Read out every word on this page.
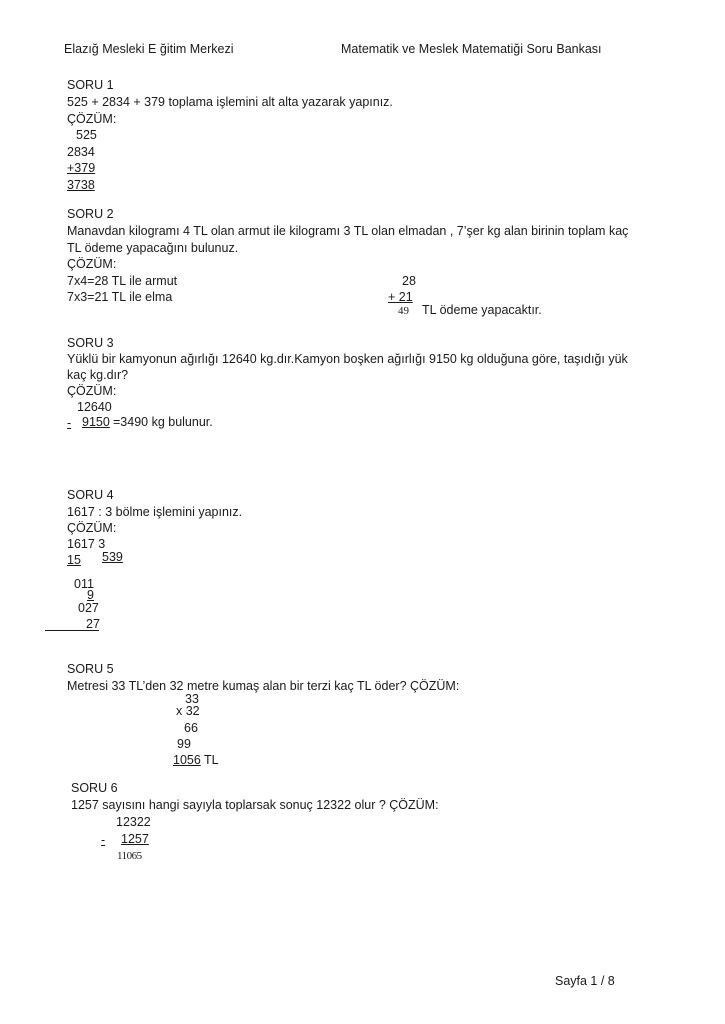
Elazığ Mesleki E ğitim Merkezi	Matematik ve Meslek Matematiği Soru Bankası
SORU 1
525 + 2834 + 379 toplama işlemini alt alta yazarak yapınız.
ÇÖZÜM:
525
2834
+379
3738
SORU 2
Manavdan kilogramı 4 TL olan armut ile kilogramı 3 TL olan elmadan , 7’şer kg alan birinin toplam kaç
TL ödeme yapacağını bulunuz.
ÇÖZÜM:
7x4=28 TL ile armut
7x3=21 TL ile elma
28
+ 21
49 TL ödeme yapacaktır.
SORU 3
Yüklü bir kamyonun ağırlığı 12640 kg.dır.Kamyon boşken ağırlığı 9150 kg olduğuna göre, taşıdığı yük
kaç kg.dır?
ÇÖZÜM:
12640
- 9150 =3490 kg bulunur.
SORU 4
1617 : 3 bölme işlemini yapınız.
ÇÖZÜM:
1617 3
15 539
011
9
027
27
SORU 5
Metresi 33 TL’den 32 metre kumaş alan bir terzi kaç TL öder? ÇÖZÜM:
33
x 32
66
99
1056 TL
SORU 6
1257 sayısını hangi sayıyla toplarsak sonuç 12322 olur ? ÇÖZÜM:
12322
-	1257
11065
Sayfa 1 / 8
